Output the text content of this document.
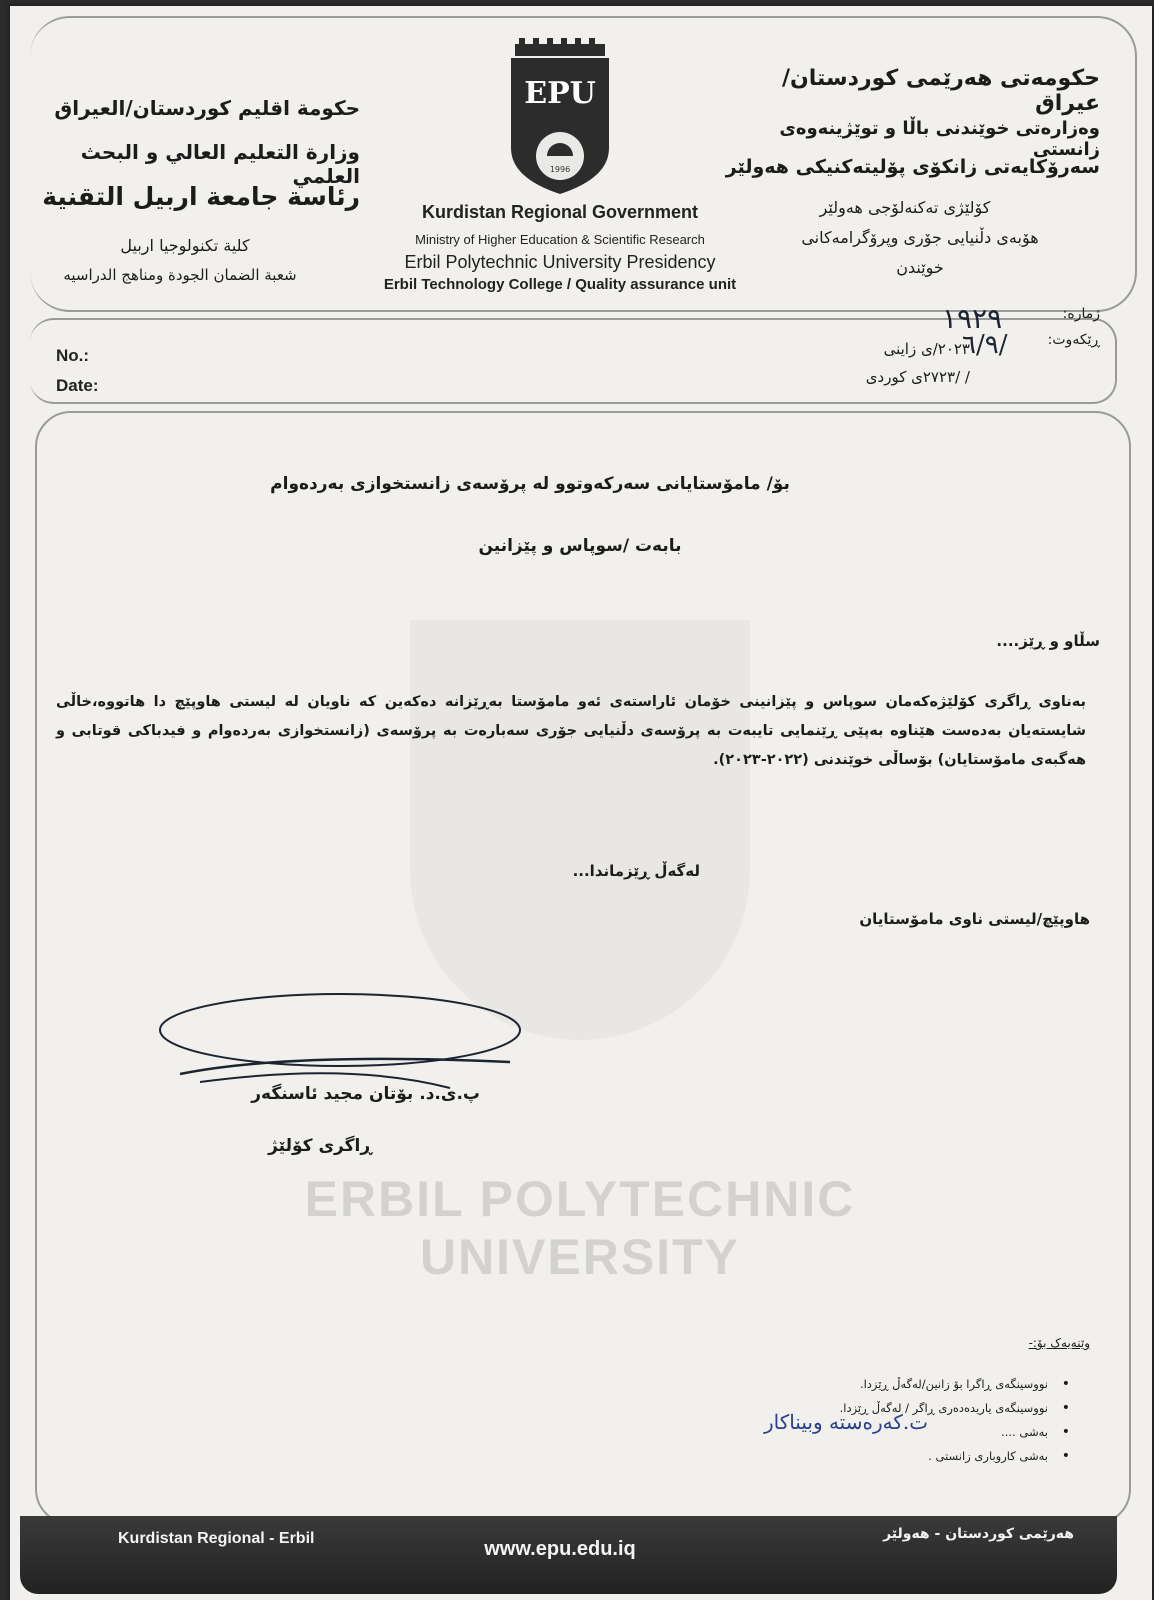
حكومة اقليم كوردستان/العيراق
وزارة التعليم العالي و البحث العلمي
رئاسة جامعة اربيل التقنية
كلية تكنولوجيا اربيل
شعبة الضمان الجودة ومناهج الدراسيه
حکومەتی هەرێمی کوردستان/ عیراق
وەزارەتی خوێندنی باڵا و توێژینەوەی زانستی
سەرۆکایەتی زانکۆی پۆلیتەکنیکی هەولێر
کۆلێژی تەکنەلۆجی هەولێر
هۆبەی دڵنیایی جۆری وپرۆگرامەکانی
خوێندن
EPU
1996
Kurdistan Regional Government
Ministry of Higher Education & Scientific Research
Erbil Polytechnic University Presidency
Erbil Technology College / Quality assurance unit
No.:
Date:
ژمارە:
ڕێکەوت:
٢٠٢٣/ی زاینی
/ /٢٧٢٣ی کوردی
١٩٢٩
٦/٩/
ERBIL POLYTECHNIC UNIVERSITY
بۆ/ مامۆستایانی سەرکەوتوو لە پرۆسەی زانستخوازی بەردەوام
بابەت /سوپاس و پێزانین
سڵاو و ڕێز....
بەناوی ڕاگری کۆلێژەکەمان سوپاس و پێزانینی خۆمان ئاراستەی ئەو مامۆستا بەڕێزانە دەکەین کە ناویان لە لیستی هاوپێچ دا هاتووە،خاڵی شایستەیان بەدەست هێناوە بەپێی ڕێنمایی تایبەت بە پرۆسەی دڵنیایی جۆری سەبارەت بە پرۆسەی (زانستخوازی بەردەوام و فیدباکی قوتابی و هەگبەی مامۆستایان) بۆساڵی خوێندنی (٢٠٢٢-٢٠٢٣).
لەگەڵ ڕێزماندا...
هاوپێچ/لیستی ناوی مامۆستایان
پ.ی.د. بۆتان مجید ئاسنگەر
ڕاگری کۆلێژ
وێنەیەک بۆ:-
• نووسینگەی ڕاگرا بۆ زانین/لەگەڵ ڕێزدا.
• نووسینگەی یاریدەدەری ڕاگر / لەگەڵ ڕێزدا.
• بەشی ....
• بەشی کاروباری زانستی .
ت.کەرەستە وبیناکار
Kurdistan Regional - Erbil	www.epu.edu.iq
هەرێمی کوردستان - هەولێر
